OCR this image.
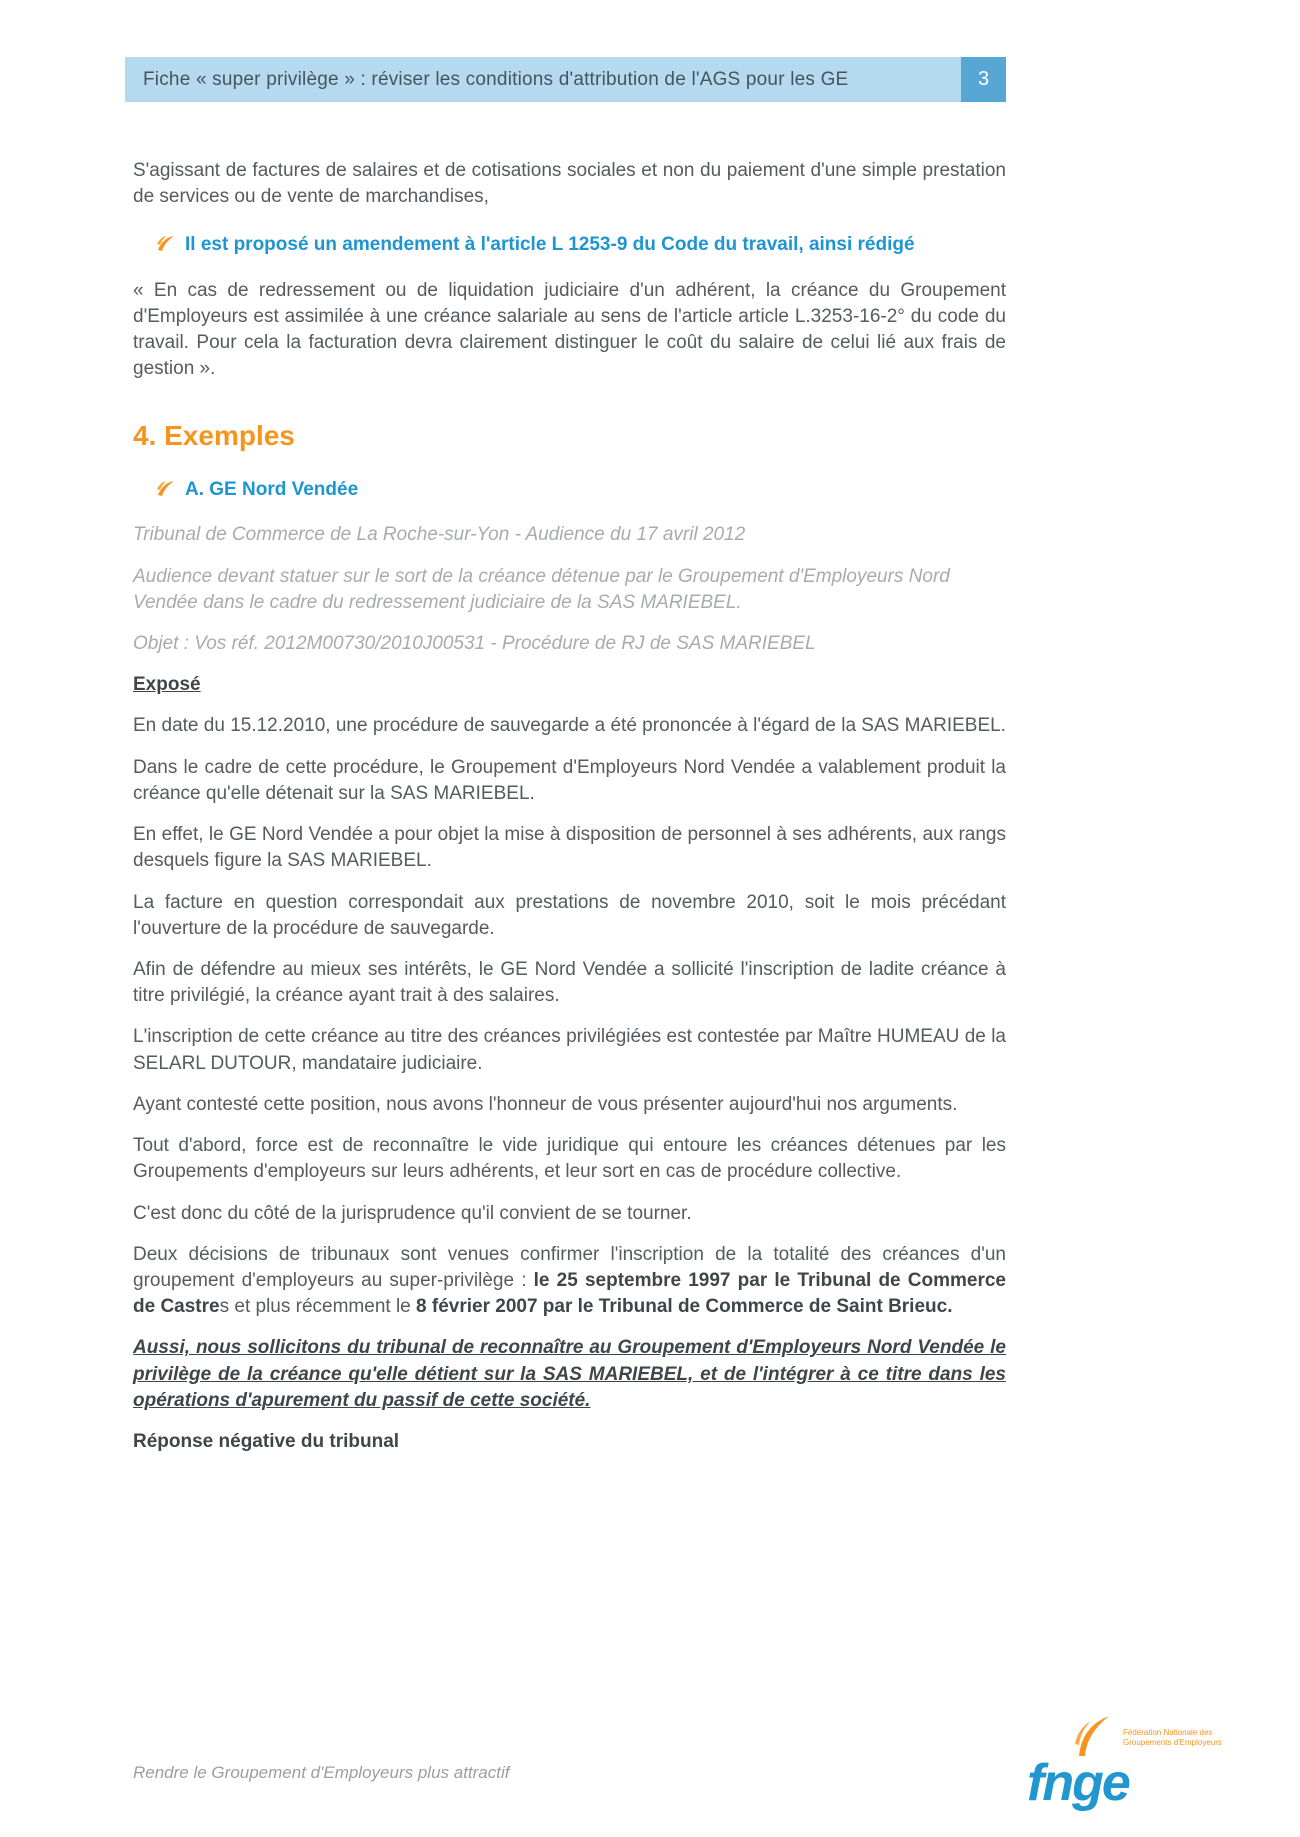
Fiche « super privilège » : réviser les conditions d'attribution de l'AGS pour les GE	3

S'agissant de factures de salaires et de cotisations sociales et non du paiement d'une simple prestation de services ou de vente de marchandises,

Il est proposé un amendement à l'article L 1253-9 du Code du travail, ainsi rédigé

« En cas de redressement ou de liquidation judiciaire d'un adhérent, la créance du Groupement d'Employeurs est assimilée à une créance salariale au sens de l'article article L.3253-16-2° du code du travail. Pour cela la facturation devra clairement distinguer le coût du salaire de celui lié aux frais de gestion ».

4. Exemples
A. GE Nord Vendée

Tribunal de Commerce de La Roche-sur-Yon - Audience du 17 avril 2012

Audience devant statuer sur le sort de la créance détenue par le Groupement d'Employeurs Nord Vendée dans le cadre du redressement judiciaire de la SAS MARIEBEL.

Objet : Vos réf. 2012M00730/2010J00531 - Procédure de RJ de SAS MARIEBEL

Exposé

En date du 15.12.2010, une procédure de sauvegarde a été prononcée à l'égard de la SAS MARIEBEL.

Dans le cadre de cette procédure, le Groupement d'Employeurs Nord Vendée a valablement produit la créance qu'elle détenait sur la SAS MARIEBEL.

En effet, le GE Nord Vendée a pour objet la mise à disposition de personnel à ses adhérents, aux rangs desquels figure la SAS MARIEBEL.

La facture en question correspondait aux prestations de novembre 2010, soit le mois précédant l'ouverture de la procédure de sauvegarde.

Afin de défendre au mieux ses intérêts, le GE Nord Vendée a sollicité l'inscription de ladite créance à titre privilégié, la créance ayant trait à des salaires.

L'inscription de cette créance au titre des créances privilégiées est contestée par Maître HUMEAU de la SELARL DUTOUR, mandataire judiciaire.

Ayant contesté cette position, nous avons l'honneur de vous présenter aujourd'hui nos arguments.

Tout d'abord, force est de reconnaître le vide juridique qui entoure les créances détenues par les Groupements d'employeurs sur leurs adhérents, et leur sort en cas de procédure collective.

C'est donc du côté de la jurisprudence qu'il convient de se tourner.

Deux décisions de tribunaux sont venues confirmer l'inscription de la totalité des créances d'un groupement d'employeurs au super-privilège : le 25 septembre 1997 par le Tribunal de Commerce de Castres et plus récemment le 8 février 2007 par le Tribunal de Commerce de Saint Brieuc.

Aussi, nous sollicitons du tribunal de reconnaître au Groupement d'Employeurs Nord Vendée le privilège de la créance qu'elle détient sur la SAS MARIEBEL, et de l'intégrer à ce titre dans les opérations d'apurement du passif de cette société.

Réponse négative du tribunal

Rendre le Groupement d'Employeurs plus attractif
Fédération Nationale des Groupements d'Employeurs
fnge
